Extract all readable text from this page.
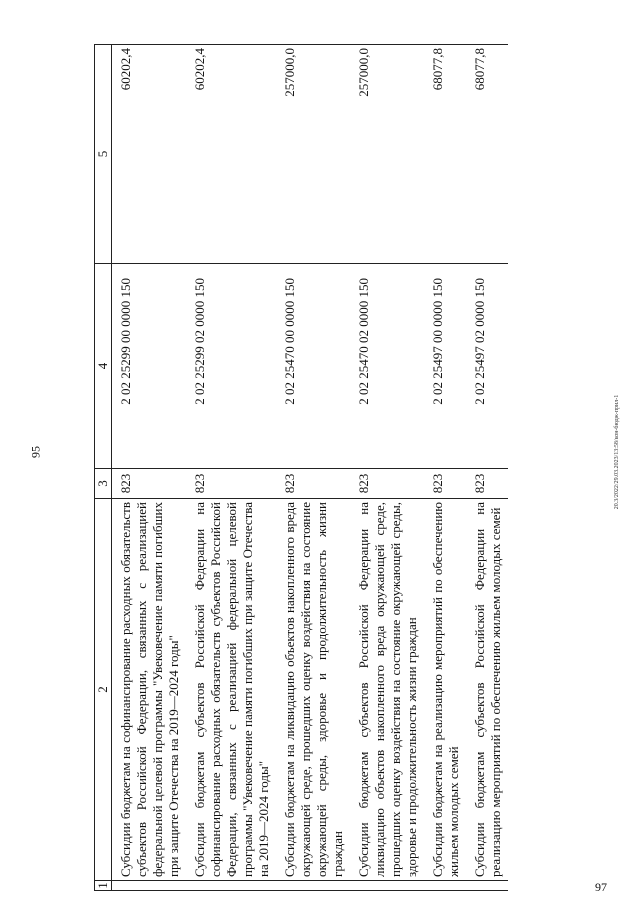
95
1	2	3	4	5
	Субсидии бюджетам на софинансирование расходных обязательств субъектов Российской Федерации, связанных с реализацией федеральной целевой программы "Увековечение памяти погибших при защите Отечества на 2019—2024 годы"	823	2 02 25299 00 0000 150	60202,4
	Субсидии бюджетам субъектов Российской Федерации на софинансирование расходных обязательств субъектов Российской Федерации, связанных с реализацией федеральной целевой программы "Увековечение памяти погибших при защите Отечества на 2019—2024 годы"	823	2 02 25299 02 0000 150	60202,4
	Субсидии бюджетам на ликвидацию объектов накопленного вреда окружающей среде, прошедших оценку воздействия на состояние окружающей среды, здоровье и продолжительность жизни граждан	823	2 02 25470 00 0000 150	257000,0
	Субсидии бюджетам субъектов Российской Федерации на ликвидацию объектов накопленного вреда окружающей среде, прошедших оценку воздействия на состояние окружающей среды, здоровье и продолжительность жизни граждан	823	2 02 25470 02 0000 150	257000,0
	Субсидии бюджетам на реализацию мероприятий по обеспечению жильем молодых семей	823	2 02 25497 00 0000 150	68077,8
	Субсидии бюджетам субъектов Российской Федерации на реализацию мероприятий по обеспечению жильем молодых семей	823	2 02 25497 02 0000 150	68077,8
20.3/2022/29.03.2023/13:58/кон-бюдж-прил-1
97
